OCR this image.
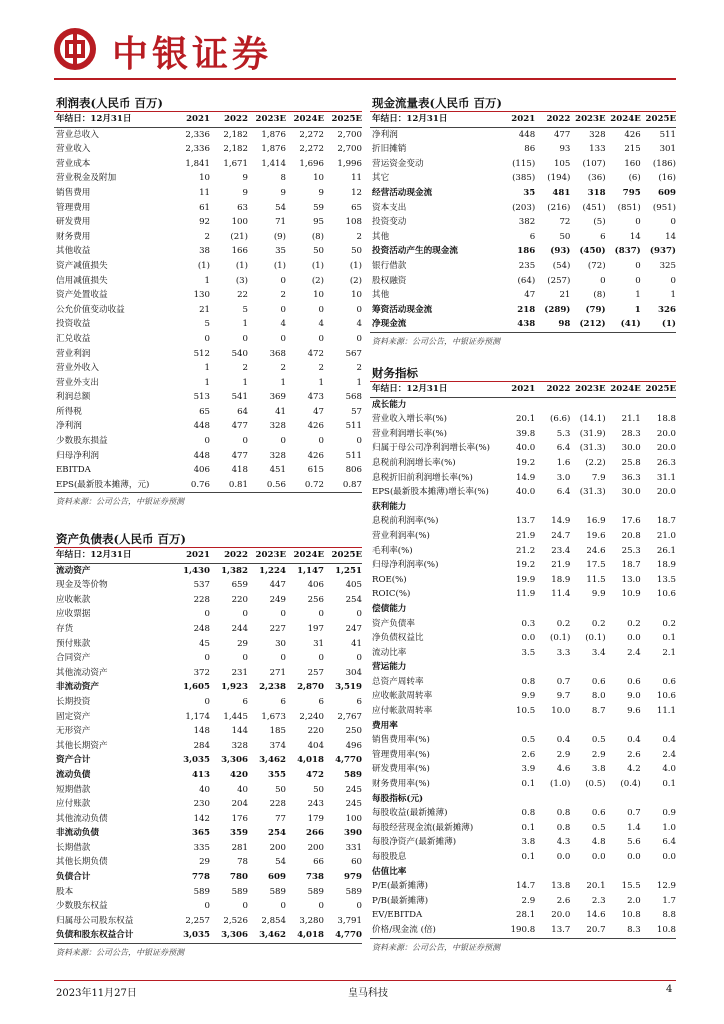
中银证券
利润表(人民币 百万)
年结日：12月31日	2021	2022	2023E	2024E	2025E
营业总收入	2,336	2,182	1,876	2,272	2,700
营业收入	2,336	2,182	1,876	2,272	2,700
营业成本	1,841	1,671	1,414	1,696	1,996
营业税金及附加	10	9	8	10	11
销售费用	11	9	9	9	12
管理费用	61	63	54	59	65
研发费用	92	100	71	95	108
财务费用	2	(21)	(9)	(8)	2
其他收益	38	166	35	50	50
资产减值损失	(1)	(1)	(1)	(1)	(1)
信用减值损失	1	(3)	0	(2)	(2)
资产处置收益	130	22	2	10	10
公允价值变动收益	21	5	0	0	0
投资收益	5	1	4	4	4
汇兑收益	0	0	0	0	0
营业利润	512	540	368	472	567
营业外收入	1	2	2	2	2
营业外支出	1	1	1	1	1
利润总额	513	541	369	473	568
所得税	65	64	41	47	57
净利润	448	477	328	426	511
少数股东损益	0	0	0	0	0
归母净利润	448	477	328	426	511
EBITDA	406	418	451	615	806
EPS(最新股本摊薄，元)	0.76	0.81	0.56	0.72	0.87
资料来源：公司公告，中银证券预测
资产负债表(人民币 百万)
年结日：12月31日	2021	2022	2023E	2024E	2025E
流动资产	1,430	1,382	1,224	1,147	1,251
现金及等价物	537	659	447	406	405
应收帐款	228	220	249	256	254
应收票据	0	0	0	0	0
存货	248	244	227	197	247
预付账款	45	29	30	31	41
合同资产	0	0	0	0	0
其他流动资产	372	231	271	257	304
非流动资产	1,605	1,923	2,238	2,870	3,519
长期投资	0	6	6	6	6
固定资产	1,174	1,445	1,673	2,240	2,767
无形资产	148	144	185	220	250
其他长期资产	284	328	374	404	496
资产合计	3,035	3,306	3,462	4,018	4,770
流动负债	413	420	355	472	589
短期借款	40	40	50	50	245
应付账款	230	204	228	243	245
其他流动负债	142	176	77	179	100
非流动负债	365	359	254	266	390
长期借款	335	281	200	200	331
其他长期负债	29	78	54	66	60
负债合计	778	780	609	738	979
股本	589	589	589	589	589
少数股东权益	0	0	0	0	0
归属母公司股东权益	2,257	2,526	2,854	3,280	3,791
负债和股东权益合计	3,035	3,306	3,462	4,018	4,770
资料来源：公司公告，中银证券预测
现金流量表(人民币 百万)
年结日：12月31日	2021	2022	2023E	2024E	2025E
净利润	448	477	328	426	511
折旧摊销	86	93	133	215	301
营运资金变动	(115)	105	(107)	160	(186)
其它	(385)	(194)	(36)	(6)	(16)
经营活动现金流	35	481	318	795	609
资本支出	(203)	(216)	(451)	(851)	(951)
投资变动	382	72	(5)	0	0
其他	6	50	6	14	14
投资活动产生的现金流	186	(93)	(450)	(837)	(937)
银行借款	235	(54)	(72)	0	325
股权融资	(64)	(257)	0	0	0
其他	47	21	(8)	1	1
筹资活动现金流	218	(289)	(79)	1	326
净现金流	438	98	(212)	(41)	(1)
资料来源：公司公告，中银证券预测
财务指标
年结日：12月31日	2021	2022	2023E	2024E	2025E
成长能力					
营业收入增长率(%)	20.1	(6.6)	(14.1)	21.1	18.8
营业利润增长率(%)	39.8	5.3	(31.9)	28.3	20.0
归属于母公司净利润增长率(%)	40.0	6.4	(31.3)	30.0	20.0
息税前利润增长率(%)	19.2	1.6	(2.2)	25.8	26.3
息税折旧前利润增长率(%)	14.9	3.0	7.9	36.3	31.1
EPS(最新股本摊薄)增长率(%)	40.0	6.4	(31.3)	30.0	20.0
获利能力					
息税前利润率(%)	13.7	14.9	16.9	17.6	18.7
营业利润率(%)	21.9	24.7	19.6	20.8	21.0
毛利率(%)	21.2	23.4	24.6	25.3	26.1
归母净利润率(%)	19.2	21.9	17.5	18.7	18.9
ROE(%)	19.9	18.9	11.5	13.0	13.5
ROIC(%)	11.9	11.4	9.9	10.9	10.6
偿债能力					
资产负债率	0.3	0.2	0.2	0.2	0.2
净负债权益比	0.0	(0.1)	(0.1)	0.0	0.1
流动比率	3.5	3.3	3.4	2.4	2.1
营运能力					
总资产周转率	0.8	0.7	0.6	0.6	0.6
应收帐款周转率	9.9	9.7	8.0	9.0	10.6
应付帐款周转率	10.5	10.0	8.7	9.6	11.1
费用率					
销售费用率(%)	0.5	0.4	0.5	0.4	0.4
管理费用率(%)	2.6	2.9	2.9	2.6	2.4
研发费用率(%)	3.9	4.6	3.8	4.2	4.0
财务费用率(%)	0.1	(1.0)	(0.5)	(0.4)	0.1
每股指标(元)					
每股收益(最新摊薄)	0.8	0.8	0.6	0.7	0.9
每股经营现金流(最新摊薄)	0.1	0.8	0.5	1.4	1.0
每股净资产(最新摊薄)	3.8	4.3	4.8	5.6	6.4
每股股息	0.1	0.0	0.0	0.0	0.0
估值比率					
P/E(最新摊薄)	14.7	13.8	20.1	15.5	12.9
P/B(最新摊薄)	2.9	2.6	2.3	2.0	1.7
EV/EBITDA	28.1	20.0	14.6	10.8	8.8
价格/现金流 (倍)	190.8	13.7	20.7	8.3	10.8
资料来源：公司公告，中银证券预测
2023年11月27日	皇马科技	4
